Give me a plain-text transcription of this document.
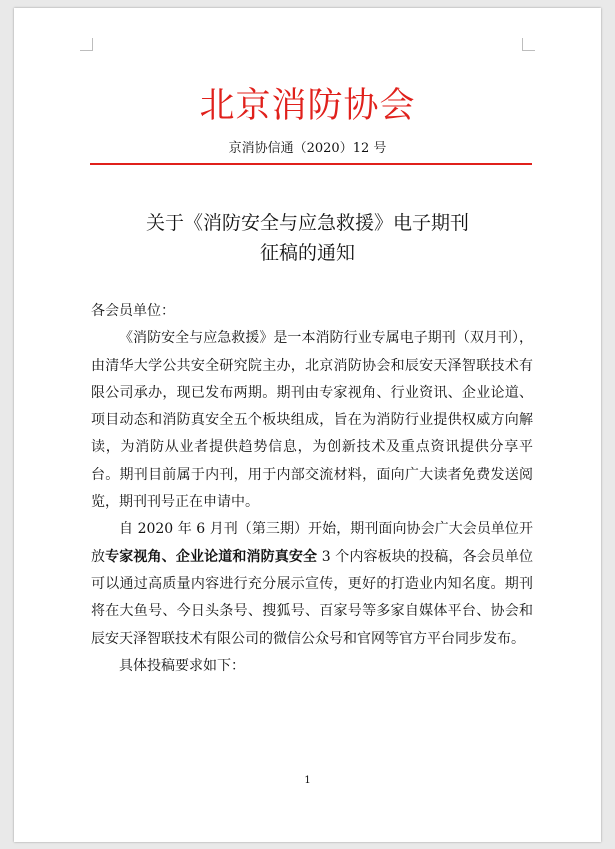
北京消防协会
京消协信通（2020）12 号
关于《消防安全与应急救援》电子期刊
征稿的通知

各会员单位：

《消防安全与应急救援》是一本消防行业专属电子期刊（双月刊），由清华大学公共安全研究院主办，北京消防协会和辰安天泽智联技术有限公司承办，现已发布两期。期刊由专家视角、行业资讯、企业论道、项目动态和消防真安全五个板块组成，旨在为消防行业提供权威方向解读，为消防从业者提供趋势信息，为创新技术及重点资讯提供分享平台。期刊目前属于内刊，用于内部交流材料，面向广大读者免费发送阅览，期刊刊号正在申请中。

自 2020 年 6 月刊（第三期）开始，期刊面向协会广大会员单位开放专家视角、企业论道和消防真安全 3 个内容板块的投稿，各会员单位可以通过高质量内容进行充分展示宣传，更好的打造业内知名度。期刊将在大鱼号、今日头条号、搜狐号、百家号等多家自媒体平台、协会和辰安天泽智联技术有限公司的微信公众号和官网等官方平台同步发布。

具体投稿要求如下：

1
